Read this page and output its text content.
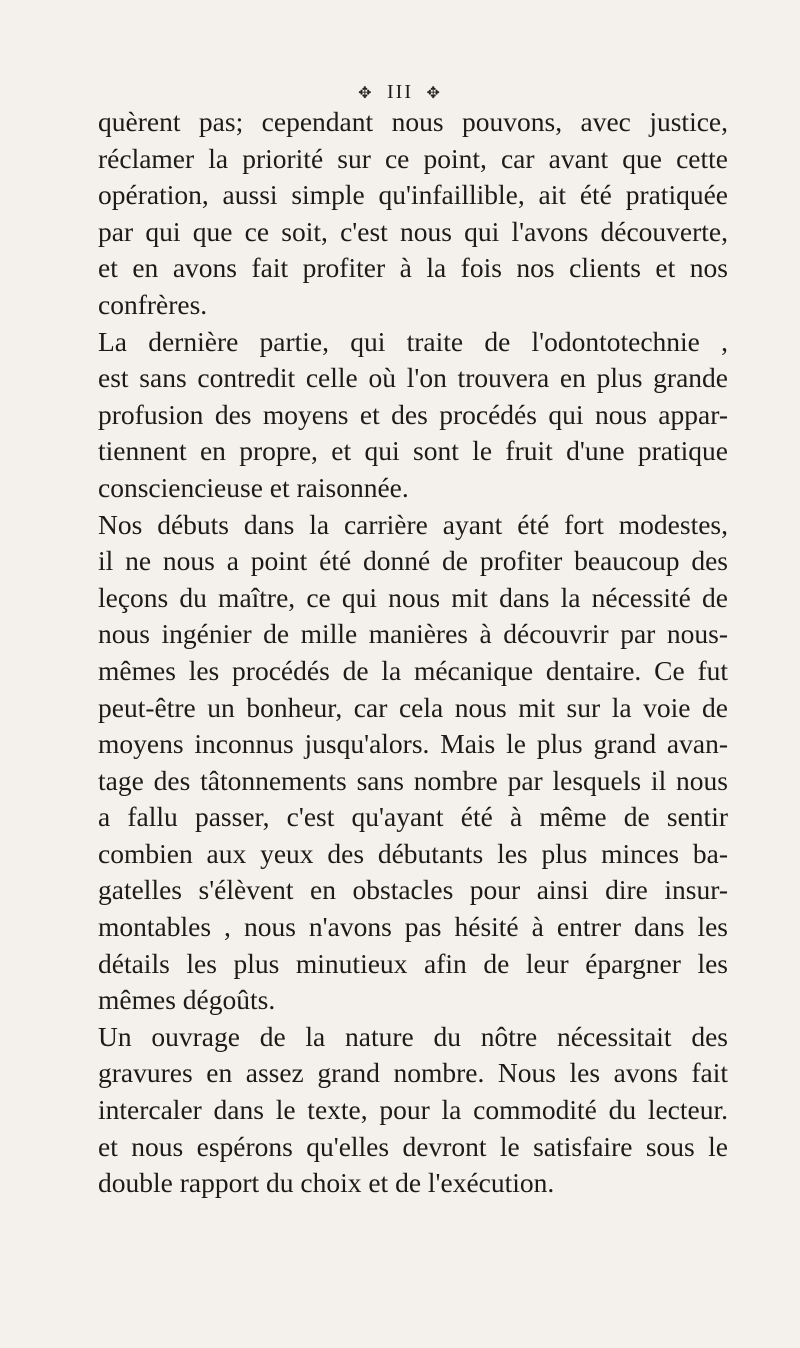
✥ III ✥
quèrent pas; cependant nous pouvons, avec justice,
réclamer la priorité sur ce point, car avant que cette
opération, aussi simple qu'infaillible, ait été pratiquée
par qui que ce soit, c'est nous qui l'avons découverte,
et en avons fait profiter à la fois nos clients et nos
confrères.
La dernière partie, qui traite de l'odontotechnie ,
est sans contredit celle où l'on trouvera en plus grande
profusion des moyens et des procédés qui nous appar-
tiennent en propre, et qui sont le fruit d'une pratique
consciencieuse et raisonnée.
Nos débuts dans la carrière ayant été fort modestes,
il ne nous a point été donné de profiter beaucoup des
leçons du maître, ce qui nous mit dans la nécessité de
nous ingénier de mille manières à découvrir par nous-
mêmes les procédés de la mécanique dentaire. Ce fut
peut-être un bonheur, car cela nous mit sur la voie de
moyens inconnus jusqu'alors. Mais le plus grand avan-
tage des tâtonnements sans nombre par lesquels il nous
a fallu passer, c'est qu'ayant été à même de sentir
combien aux yeux des débutants les plus minces ba-
gatelles s'élèvent en obstacles pour ainsi dire insur-
montables , nous n'avons pas hésité à entrer dans les
détails les plus minutieux afin de leur épargner les
mêmes dégoûts.
Un ouvrage de la nature du nôtre nécessitait des
gravures en assez grand nombre. Nous les avons fait
intercaler dans le texte, pour la commodité du lecteur.
et nous espérons qu'elles devront le satisfaire sous le
double rapport du choix et de l'exécution.
